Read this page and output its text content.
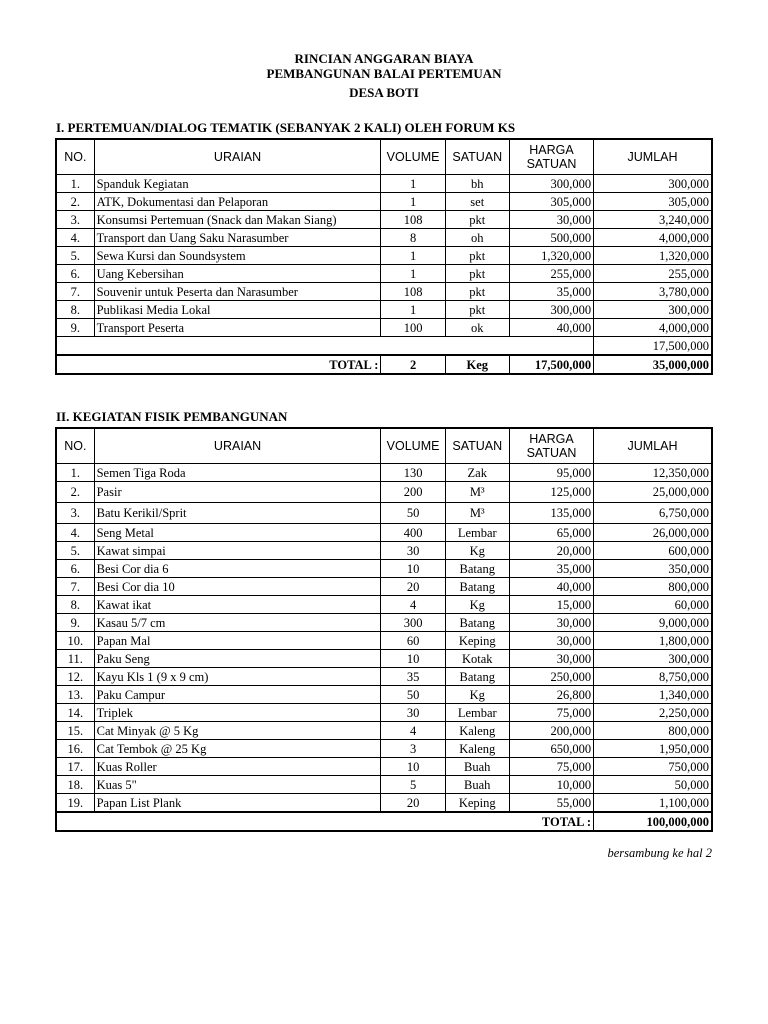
RINCIAN ANGGARAN BIAYA
PEMBANGUNAN BALAI PERTEMUAN
DESA BOTI
I. PERTEMUAN/DIALOG TEMATIK (SEBANYAK 2 KALI) OLEH FORUM KS
NO.	URAIAN	VOLUME	SATUAN	HARGA
SATUAN	JUMLAH
1.	Spanduk Kegiatan	1	bh	300,000	300,000
2.	ATK, Dokumentasi dan Pelaporan	1	set	305,000	305,000
3.	Konsumsi Pertemuan (Snack dan Makan Siang)	108	pkt	30,000	3,240,000
4.	Transport dan Uang Saku Narasumber	8	oh	500,000	4,000,000
5.	Sewa Kursi dan Soundsystem	1	pkt	1,320,000	1,320,000
6.	Uang Kebersihan	1	pkt	255,000	255,000
7.	Souvenir untuk Peserta dan Narasumber	108	pkt	35,000	3,780,000
8.	Publikasi Media Lokal	1	pkt	300,000	300,000
9.	Transport Peserta	100	ok	40,000	4,000,000
					17,500,000
TOTAL :		2	Keg	17,500,000	35,000,000
II. KEGIATAN FISIK PEMBANGUNAN
NO.	URAIAN	VOLUME	SATUAN	HARGA
SATUAN	JUMLAH
1.	Semen Tiga Roda	130	Zak	95,000	12,350,000
2.	Pasir	200	M³	125,000	25,000,000
3.	Batu Kerikil/Sprit	50	M³	135,000	6,750,000
4.	Seng Metal	400	Lembar	65,000	26,000,000
5.	Kawat simpai	30	Kg	20,000	600,000
6.	Besi Cor dia 6	10	Batang	35,000	350,000
7.	Besi Cor dia 10	20	Batang	40,000	800,000
8.	Kawat ikat	4	Kg	15,000	60,000
9.	Kasau 5/7 cm	300	Batang	30,000	9,000,000
10.	Papan Mal	60	Keping	30,000	1,800,000
11.	Paku Seng	10	Kotak	30,000	300,000
12.	Kayu Kls 1 (9 x 9 cm)	35	Batang	250,000	8,750,000
13.	Paku Campur	50	Kg	26,800	1,340,000
14.	Triplek	30	Lembar	75,000	2,250,000
15.	Cat Minyak @ 5 Kg	4	Kaleng	200,000	800,000
16.	Cat Tembok @ 25 Kg	3	Kaleng	650,000	1,950,000
17.	Kuas Roller	10	Buah	75,000	750,000
18.	Kuas 5"	5	Buah	10,000	50,000
19.	Papan List Plank	20	Keping	55,000	1,100,000
TOTAL :					100,000,000
bersambung ke hal 2
